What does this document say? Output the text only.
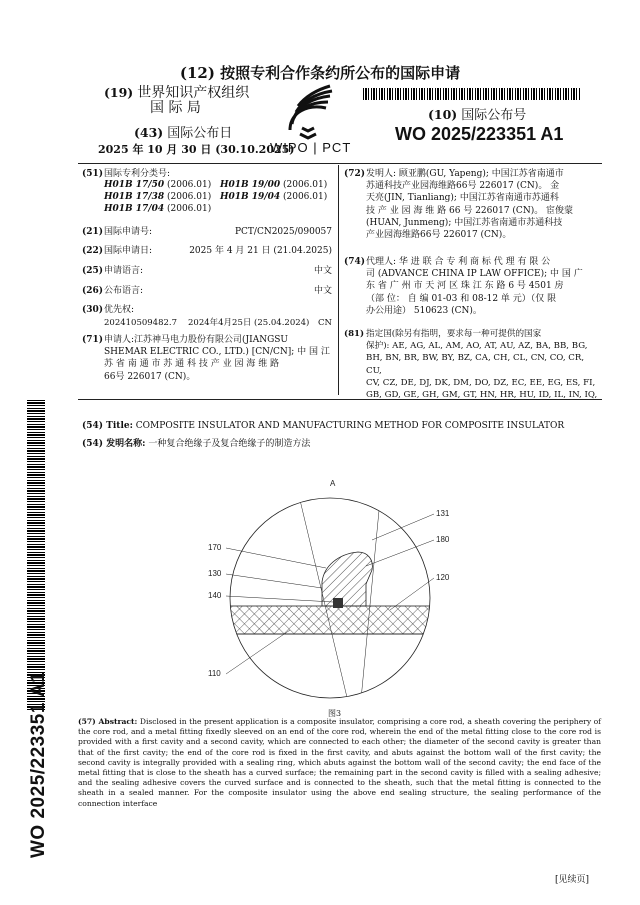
(12) 按照专利合作条约所公布的国际申请
(19) 世界知识产权组织
国 际 局
(43) 国际公布日
2025 年 10 月 30 日 (30.10.2025)
WIPO | PCT
(10) 国际公布号
WO 2025/223351 A1
(51) 国际专利分类号:
H01B 17/50 (2006.01) H01B 19/00 (2006.01)
H01B 17/38 (2006.01) H01B 19/04 (2006.01)
H01B 17/04 (2006.01)
(21) 国际申请号:	PCT/CN2025/090057
(22) 国际申请日:	2025 年 4 月 21 日 (21.04.2025)
(25) 申请语言:	中文
(26) 公布语言:	中文
(30) 优先权:
202410509482.7 2024年4月25日 (25.04.2024) CN
(71) 申请人:江苏神马电力股份有限公司(JIANGSU
SHEMAR ELECTRIC CO., LTD.) [CN/CN]; 中 国 江
苏 省 南 通 市 苏 通 科 技 产 业 园 海 维 路
66号 226017 (CN)。
(72) 发明人: 顾亚鹏(GU, Yapeng); 中国江苏省南通市
苏通科技产业园海维路66号 226017 (CN)。 金
天亮(JIN, Tianliang); 中国江苏省南通市苏通科
技 产 业 园 海 维 路 66 号 226017 (CN)。 宦俊蒙
(HUAN, Junmeng); 中国江苏省南通市苏通科技
产业园海维路66号 226017 (CN)。
(74) 代理人: 华 进 联 合 专 利 商 标 代 理 有 限 公
司 (ADVANCE CHINA IP LAW OFFICE); 中 国 广
东 省 广 州 市 天 河 区 珠 江 东 路 6 号 4501 房
（部 位： 自 编 01-03 和 08-12 单 元）（仅 限
办公用途） 510623 (CN)。
(81) 指定国(除另有指明，要求每一种可提供的国家
保护): AE, AG, AL, AM, AO, AT, AU, AZ, BA, BB, BG,
BH, BN, BR, BW, BY, BZ, CA, CH, CL, CN, CO, CR, CU,
CV, CZ, DE, DJ, DK, DM, DO, DZ, EC, EE, EG, ES, FI,
GB, GD, GE, GH, GM, GT, HN, HR, HU, ID, IL, IN, IQ,
WO 2025/223351 A1
(54) Title: COMPOSITE INSULATOR AND MANUFACTURING METHOD FOR COMPOSITE INSULATOR
(54) 发明名称: 一种复合绝缘子及复合绝缘子的制造方法
A
131
180
170
120
130
140
110
图3
(57) Abstract: Disclosed in the present application is a composite insulator, comprising a core rod, a sheath covering the periphery of the core rod, and a metal fitting fixedly sleeved on an end of the core rod, wherein the end of the metal fitting close to the core rod is provided with a first cavity and a second cavity, which are connected to each other; the diameter of the second cavity is greater than that of the first cavity; the end of the core rod is fixed in the first cavity, and abuts against the bottom wall of the first cavity; the second cavity is integrally provided with a sealing ring, which abuts against the bottom wall of the second cavity; the end face of the metal fitting that is close to the sheath has a curved surface; the remaining part in the second cavity is filled with a sealing adhesive; and the sealing adhesive covers the curved surface and is connected to the sheath, such that the metal fitting is connected to the sheath in a sealed manner. For the composite insulator using the above end sealing structure, the sealing performance of the connection interface
[见续页]
